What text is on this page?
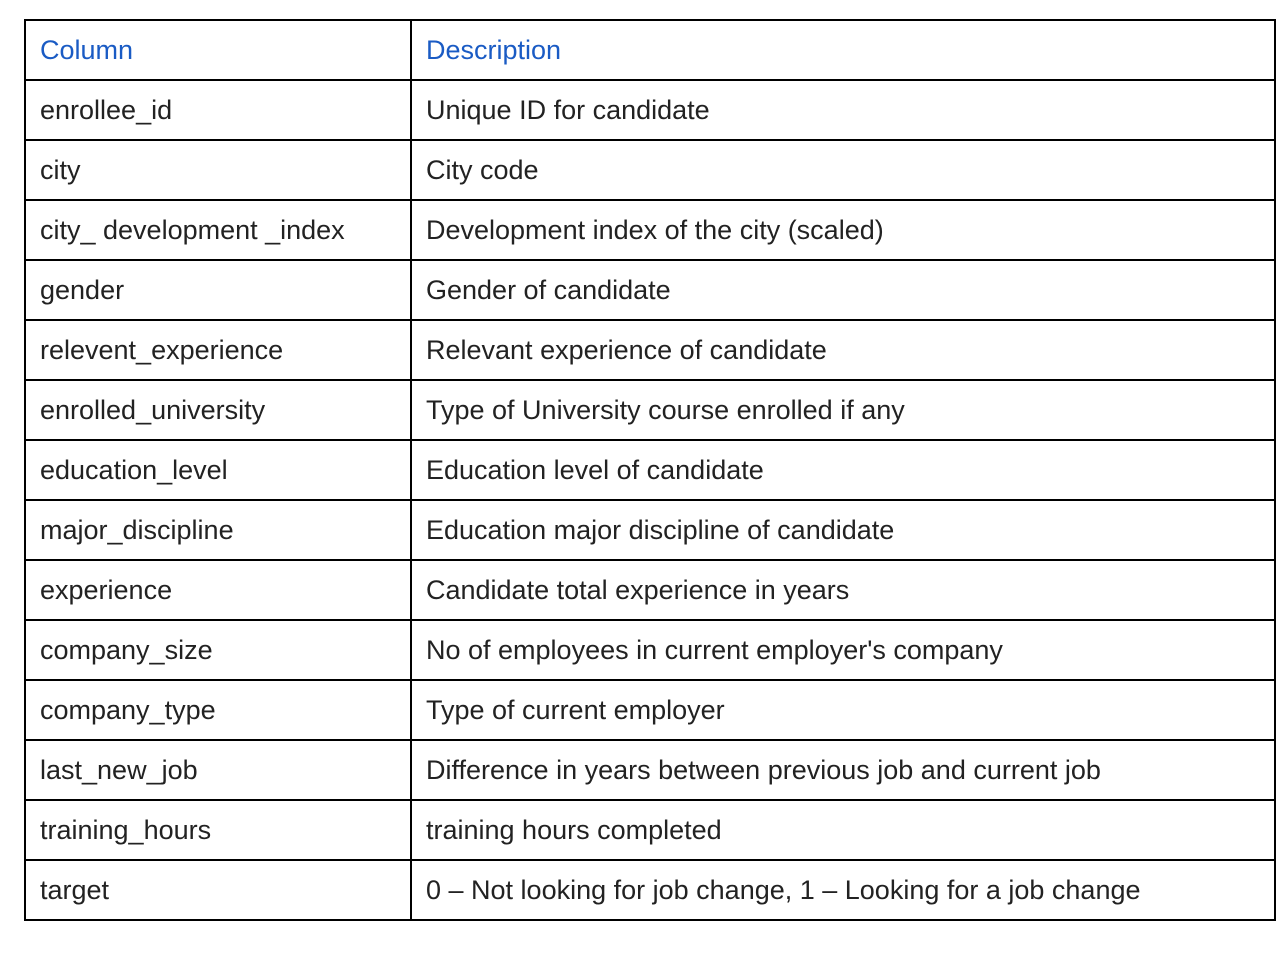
Column	Description
enrollee_id	Unique ID for candidate
city	City code
city_ development _index	Development index of the city (scaled)
gender	Gender of candidate
relevent_experience	Relevant experience of candidate
enrolled_university	Type of University course enrolled if any
education_level	Education level of candidate
major_discipline	Education major discipline of candidate
experience	Candidate total experience in years
company_size	No of employees in current employer's company
company_type	Type of current employer
last_new_job	Difference in years between previous job and current job
training_hours	training hours completed
target	0 – Not looking for job change, 1 – Looking for a job change
